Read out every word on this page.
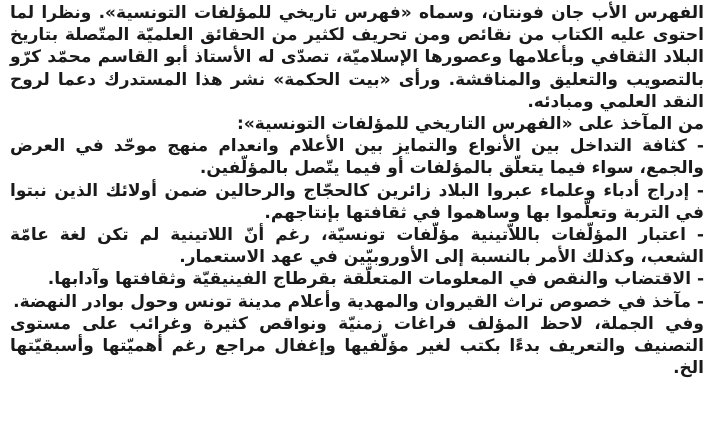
الفهرس الأب جان فونتان، وسماه «فهرس تاريخي للمؤلفات التونسية». ونظرا لما احتوى عليه الكتاب من نقائص ومن تحريف لكثير من الحقائق العلميّة المتّصلة بتاريخ البلاد الثقافي وبأعلامها وعصورها الإسلاميّة، تصدّى له الأستاذ أبو القاسم محمّد كرّو بالتصويب والتعليق والمناقشة. ورأى «بيت الحكمة» نشر هذا المستدرك دعما لروح النقد العلمي ومبادئه.

من المآخذ على «الفهرس التاريخي للمؤلفات التونسية»:

- كثافة التداخل بين الأنواع والتمايز بين الأعلام وانعدام منهج موحّد في العرض والجمع، سواء فيما يتعلّق بالمؤلفات أو فيما يتّصل بالمؤلّفين.

- إدراج أدباء وعلماء عبروا البلاد زائرين كالحجّاج والرحالين ضمن أولائك الذين نبتوا في التربة وتعلّموا بها وساهموا في ثقافتها بإنتاجهم.

- اعتبار المؤلّفات باللاّتينية مؤلّفات تونسيّة، رغم أنّ اللاتينية لم تكن لغة عامّة الشعب، وكذلك الأمر بالنسبة إلى الأوروبيّين في عهد الاستعمار.

- الاقتضاب والنقص في المعلومات المتعلّقة بقرطاج الفينيقيّة وثقافتها وآدابها.

- مآخذ في خصوص تراث القيروان والمهدية وأعلام مدينة تونس وحول بوادر النهضة.

وفي الجملة، لاحظ المؤلف فراغات زمنيّة ونواقص كثيرة وغرائب على مستوى التصنيف والتعريف بدءًا بكتب لغير مؤلّفيها وإغفال مراجع رغم أهميّتها وأسبقيّتها الخ.
